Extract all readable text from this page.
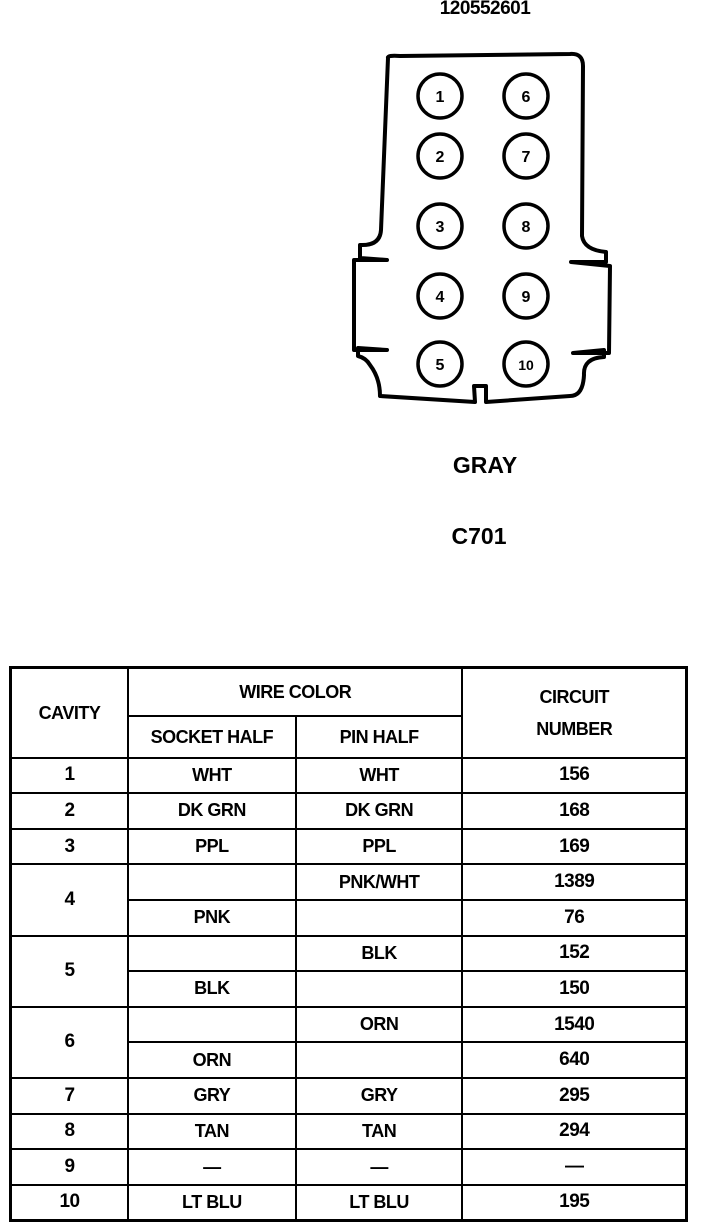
120552601
1
2
3
4
5
6
7
8
9
10
GRAY
C701
CAVITY	WIRE COLOR		CIRCUIT
NUMBER

	SOCKET HALF	PIN HALF	
1	WHT	WHT	156
2	DK GRN	DK GRN	168
3	PPL	PPL	169
4		PNK/WHT	1389
	PNK		76
5		BLK	152
	BLK		150
6		ORN	1540
	ORN		640
7	GRY	GRY	295
8	TAN	TAN	294
9	—	—	—
10	LT BLU	LT BLU	195
